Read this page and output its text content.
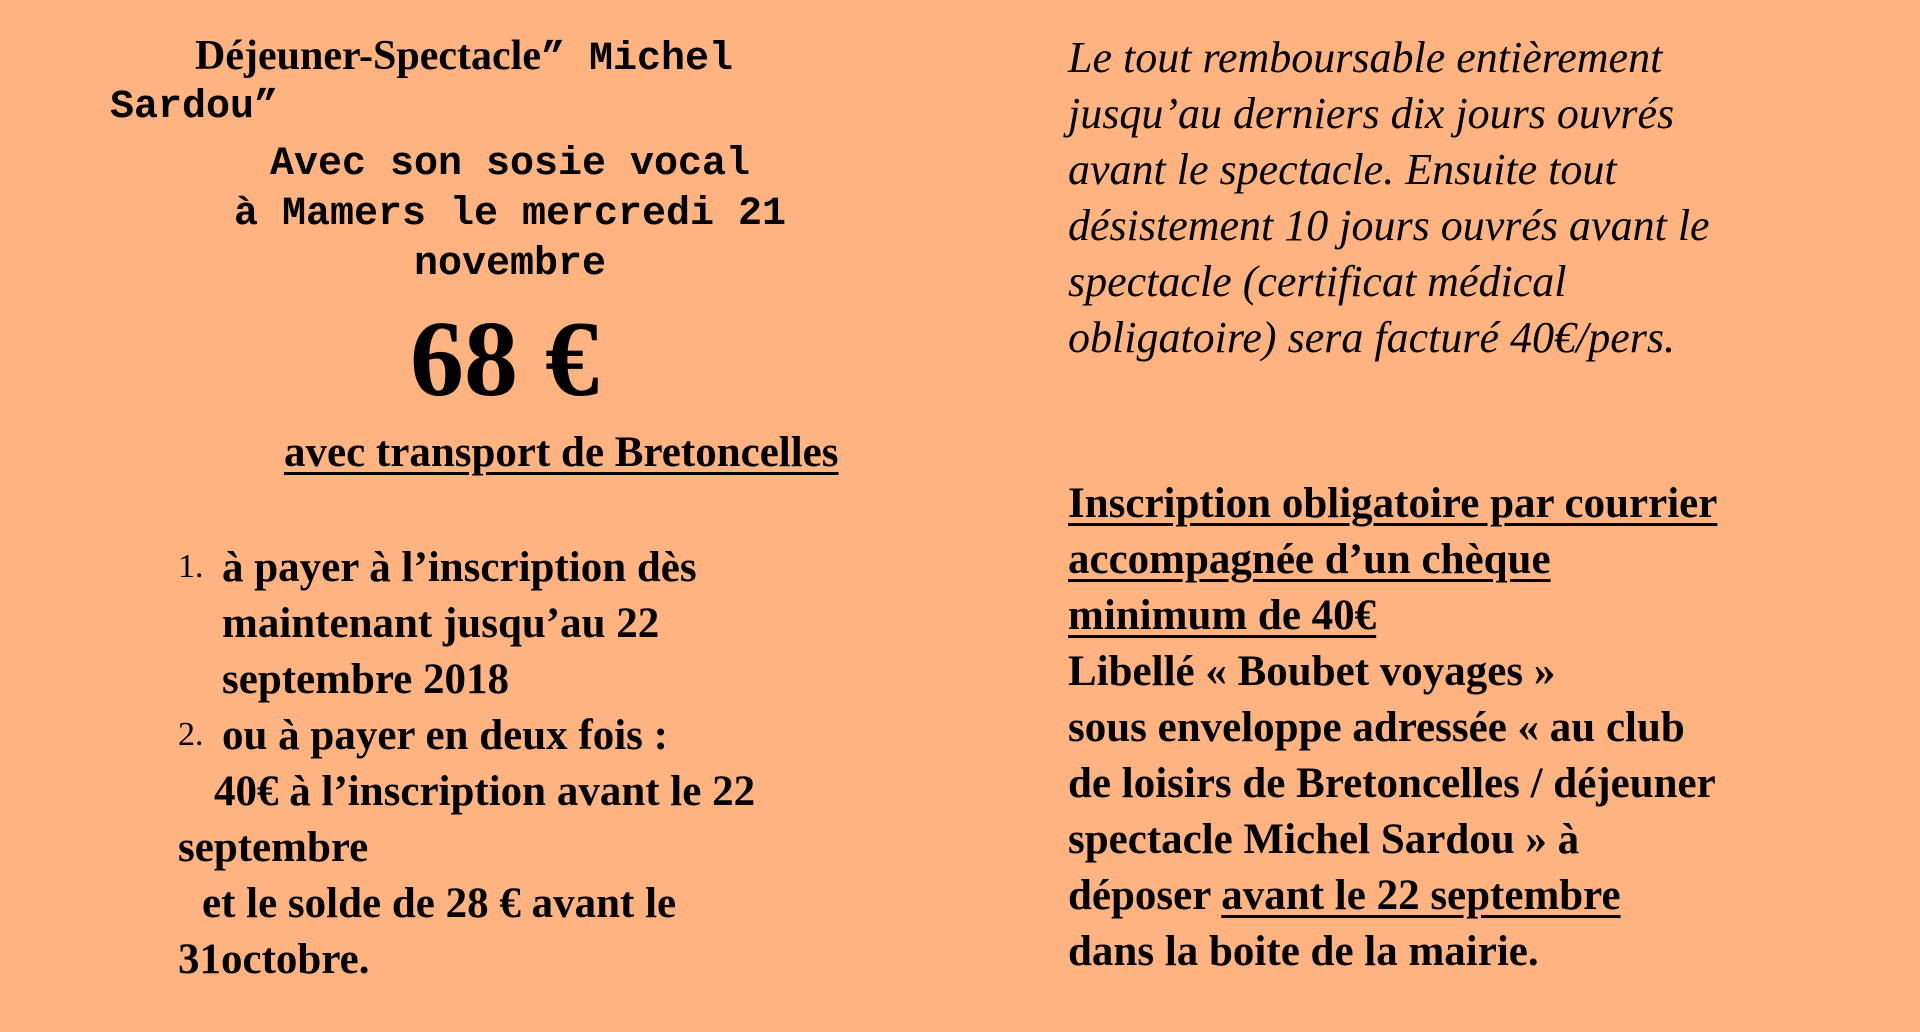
Déjeuner-Spectacle” Michel
Sardou”
Avec son sosie vocal
à Mamers le mercredi 21
novembre
68 €
avec transport de Bretoncelles
1. à payer à l’inscription dès
maintenant jusqu’au 22
septembre 2018
2. ou à payer en deux fois :
40€ à l’inscription avant le 22
septembre
et le solde de 28 € avant le
31octobre.
Le tout remboursable entièrement
jusqu’au derniers dix jours ouvrés
avant le spectacle. Ensuite tout
désistement 10 jours ouvrés avant le
spectacle (certificat médical
obligatoire) sera facturé 40€/pers.
Inscription obligatoire par courrier
accompagnée d’un chèque
minimum de 40€
Libellé « Boubet voyages »
sous enveloppe adressée « au club
de loisirs de Bretoncelles / déjeuner
spectacle Michel Sardou » à
déposer avant le 22 septembre
dans la boite de la mairie.
